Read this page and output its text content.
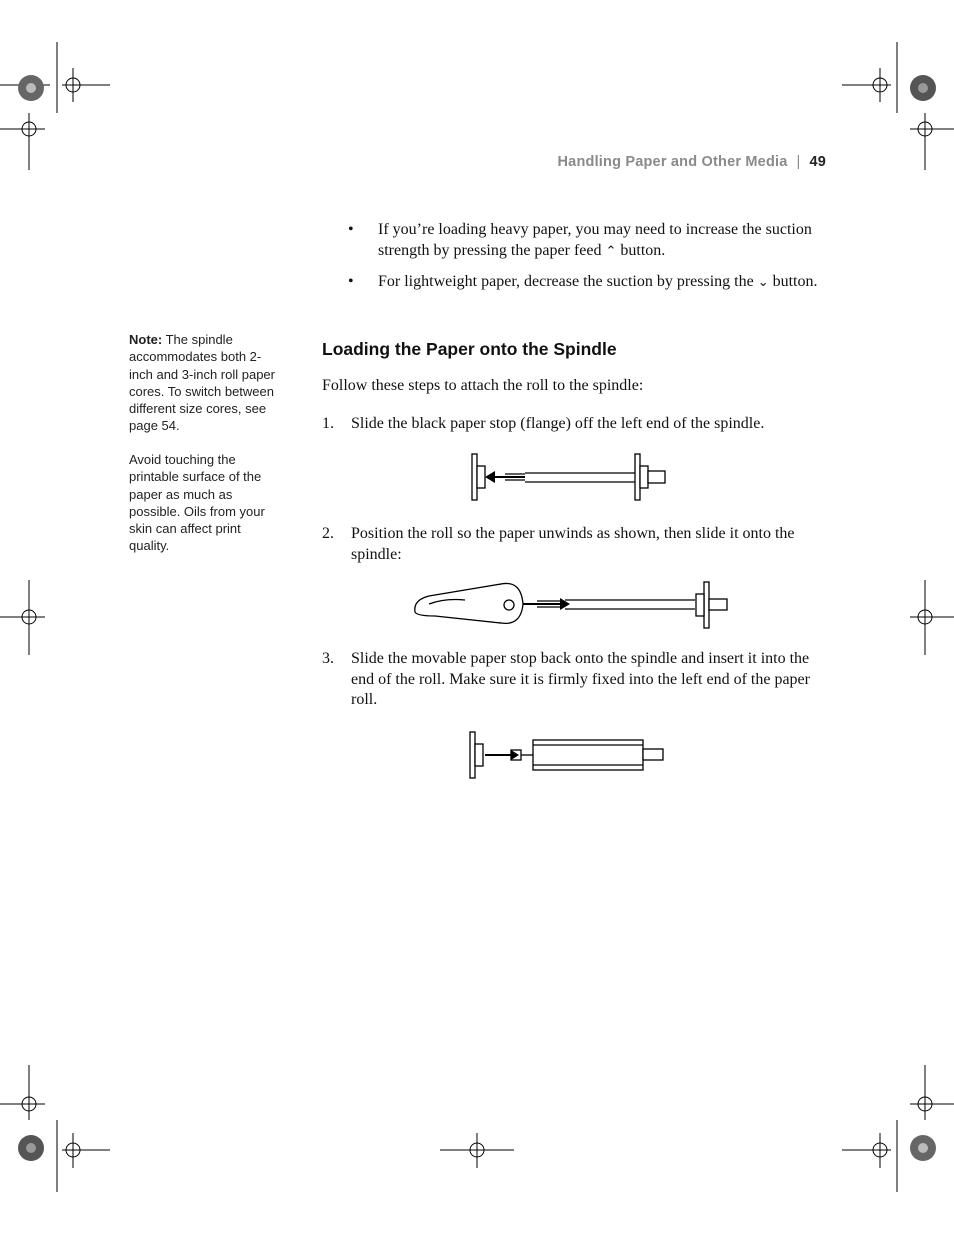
Handling Paper and Other Media | 49
Note: The spindle accommodates both 2-inch and 3-inch roll paper cores. To switch between different size cores, see page 54.
Avoid touching the printable surface of the paper as much as possible. Oils from your skin can affect print quality.
• If you’re loading heavy paper, you may need to increase the suction strength by pressing the paper feed ⌃ button.
• For lightweight paper, decrease the suction by pressing the ⌄ button.
Loading the Paper onto the Spindle
Follow these steps to attach the roll to the spindle:
1. Slide the black paper stop (flange) off the left end of the spindle.
2. Position the roll so the paper unwinds as shown, then slide it onto the spindle:
3. Slide the movable paper stop back onto the spindle and insert it into the end of the roll. Make sure it is firmly fixed into the left end of the paper roll.
